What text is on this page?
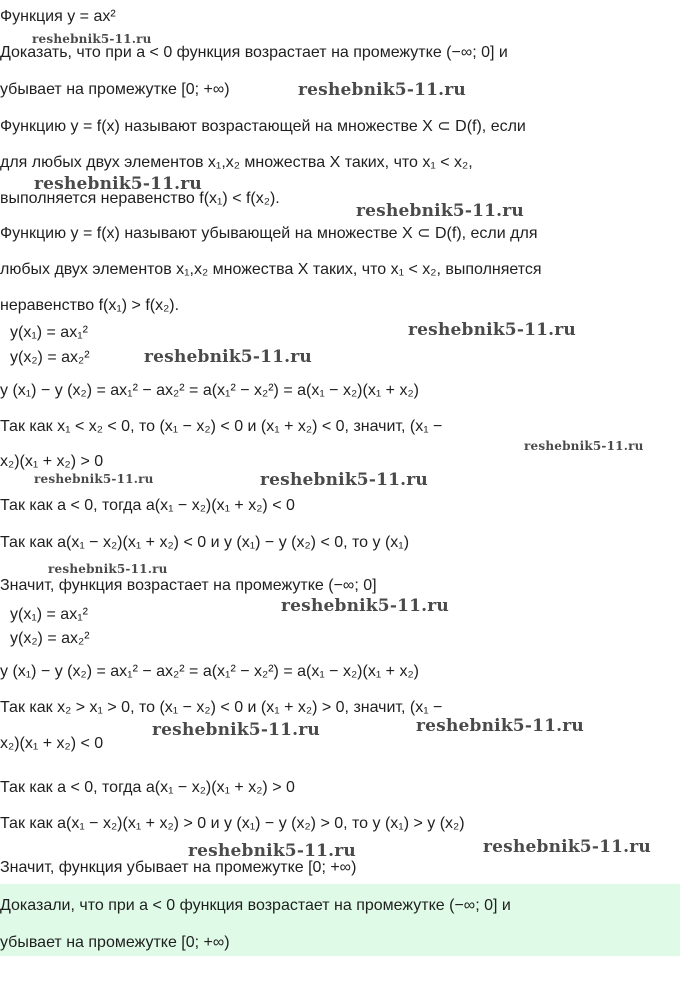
Функция y = ax²
Доказать, что при a < 0 функция возрастает на промежутке (−∞; 0] и
убывает на промежутке [0; +∞)
Функцию y = f(x) называют возрастающей на множестве X ⊂ D(f), если
для любых двух элементов x₁,x₂ множества X таких, что x₁ < x₂,
выполняется неравенство f(x₁) < f(x₂).
Функцию y = f(x) называют убывающей на множестве X ⊂ D(f), если для
любых двух элементов x₁,x₂ множества X таких, что x₁ < x₂, выполняется
неравенство f(x₁) > f(x₂).
y(x₁) = ax₁²
y(x₂) = ax₂²
y (x₁) − y (x₂) = ax₁² − ax₂² = a(x₁² − x₂²) = a(x₁ − x₂)(x₁ + x₂)
Так как x₁ < x₂ < 0, то (x₁ − x₂) < 0 и (x₁ + x₂) < 0, значит, (x₁ −
x₂)(x₁ + x₂) > 0
Так как a < 0, тогда a(x₁ − x₂)(x₁ + x₂) < 0
Так как a(x₁ − x₂)(x₁ + x₂) < 0 и y (x₁) − y (x₂) < 0, то y (x₁)
Значит, функция возрастает на промежутке (−∞; 0]
y(x₁) = ax₁²
y(x₂) = ax₂²
y (x₁) − y (x₂) = ax₁² − ax₂² = a(x₁² − x₂²) = a(x₁ − x₂)(x₁ + x₂)
Так как x₂ > x₁ > 0, то (x₁ − x₂) < 0 и (x₁ + x₂) > 0, значит, (x₁ −
x₂)(x₁ + x₂) < 0
Так как a < 0, тогда a(x₁ − x₂)(x₁ + x₂) > 0
Так как a(x₁ − x₂)(x₁ + x₂) > 0 и y (x₁) − y (x₂) > 0, то y (x₁) > y (x₂)
Значит, функция убывает на промежутке [0; +∞)
Доказали, что при a < 0 функция возрастает на промежутке (−∞; 0] и
убывает на промежутке [0; +∞)
reshebnik5-11.ru
reshebnik5-11.ru
reshebnik5-11.ru
reshebnik5-11.ru
reshebnik5-11.ru
reshebnik5-11.ru
reshebnik5-11.ru
reshebnik5-11.ru	reshebnik5-11.ru
reshebnik5-11.ru
reshebnik5-11.ru
reshebnik5-11.ru	reshebnik5-11.ru
reshebnik5-11.ru	reshebnik5-11.ru
